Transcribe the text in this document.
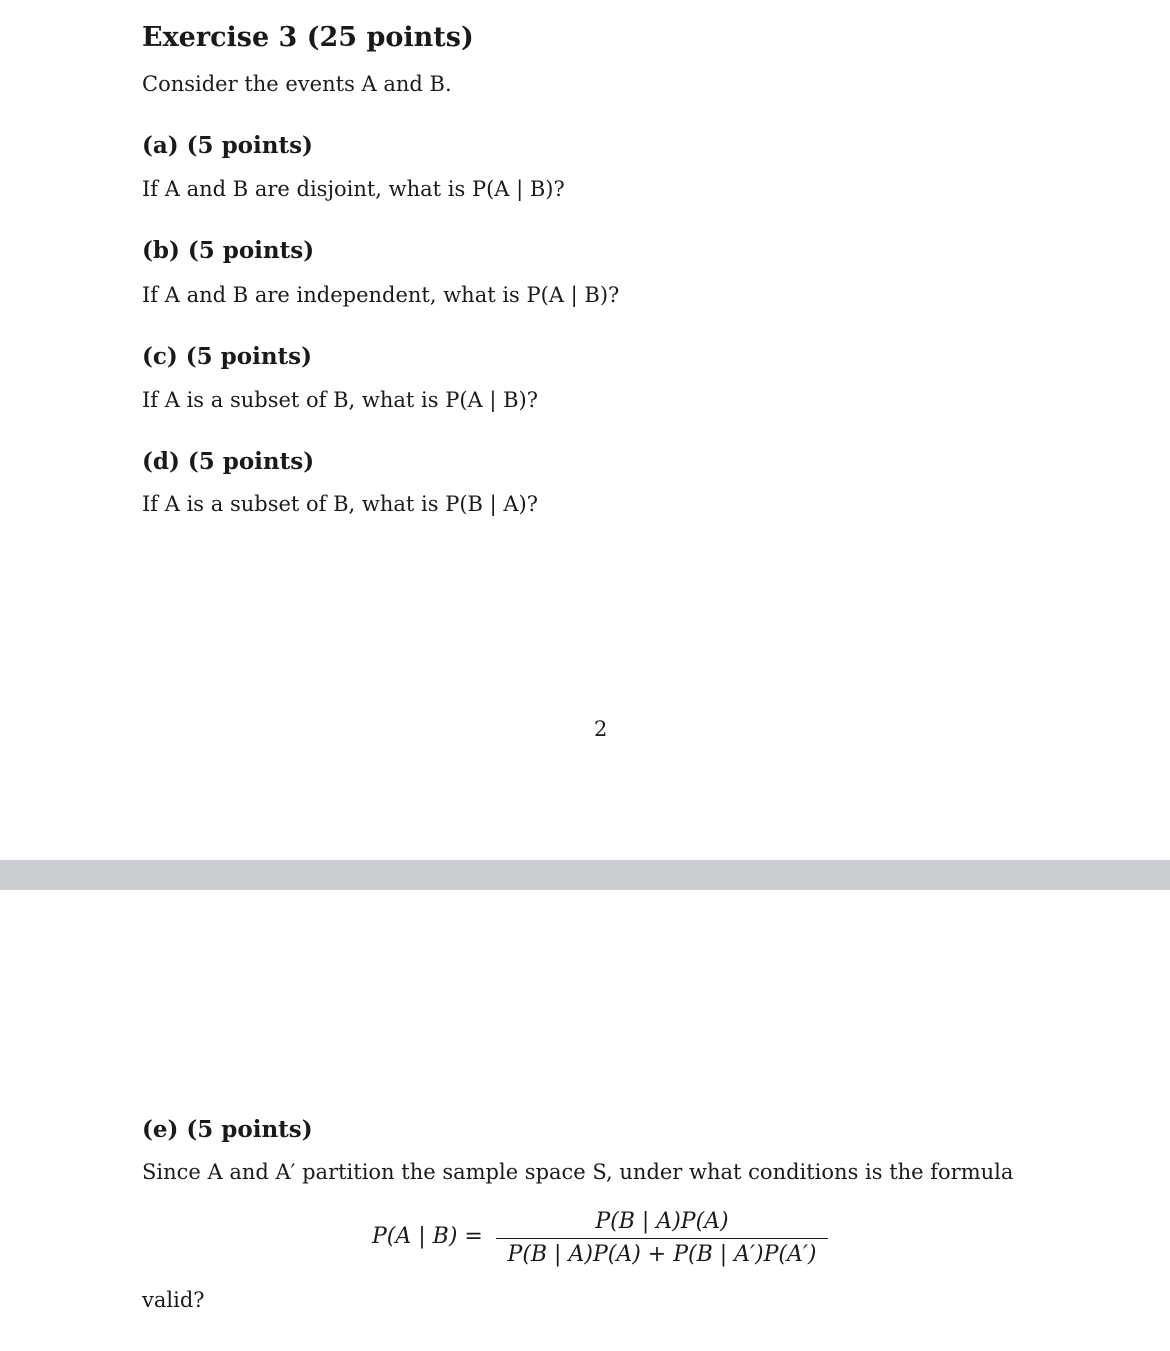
Exercise 3 (25 points)
Consider the events A and B.
(a) (5 points)
If A and B are disjoint, what is P(A | B)?
(b) (5 points)
If A and B are independent, what is P(A | B)?
(c) (5 points)
If A is a subset of B, what is P(A | B)?
(d) (5 points)
If A is a subset of B, what is P(B | A)?
2
(e) (5 points)
Since A and A′ partition the sample space S, under what conditions is the formula
P(A | B) =
P(B | A)P(A)
P(B | A)P(A) + P(B | A′)P(A′)
valid?
